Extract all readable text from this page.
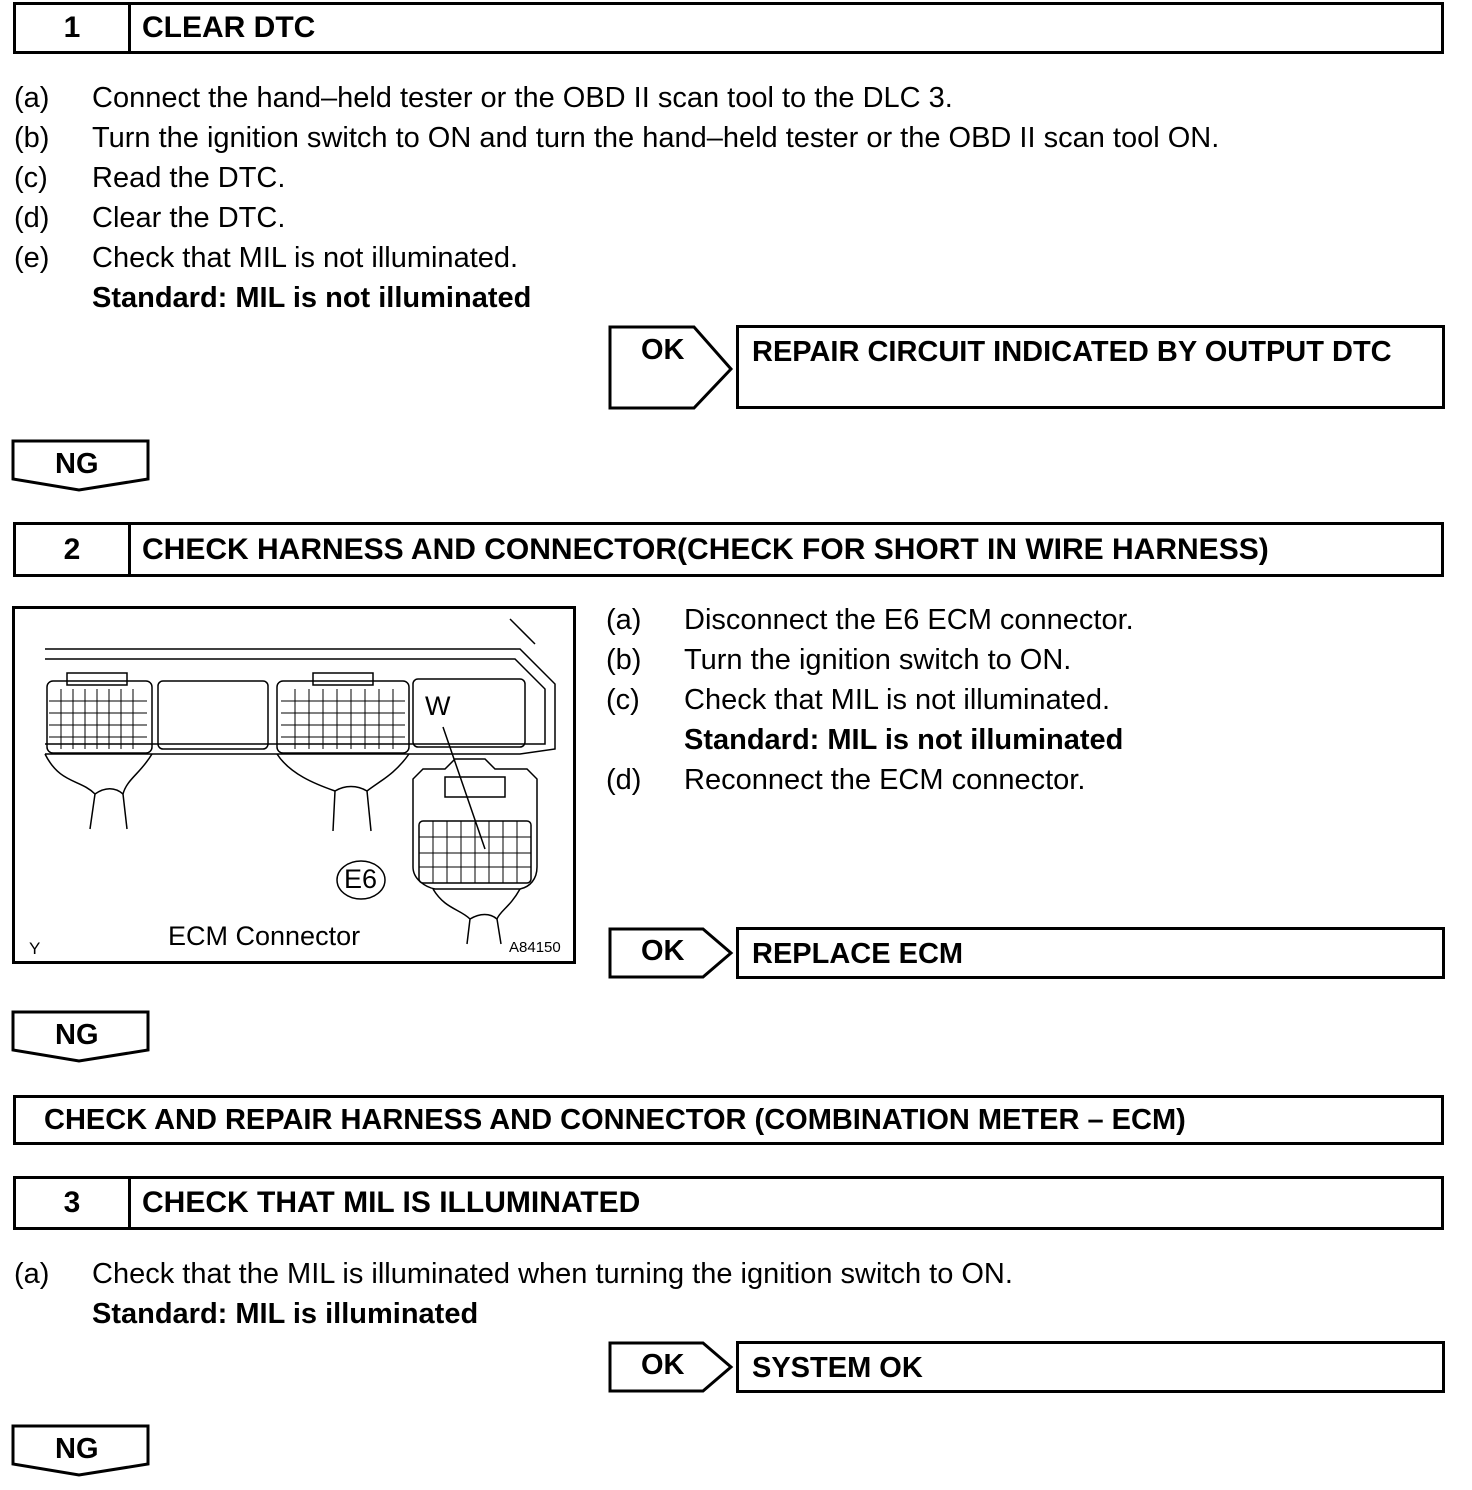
1	CLEAR DTC
(a) Connect the hand–held tester or the OBD II scan tool to the DLC 3.
(b) Turn the ignition switch to ON and turn the hand–held tester or the OBD II scan tool ON.
(c) Read the DTC.
(d) Clear the DTC.
(e) Check that MIL is not illuminated.
Standard: MIL is not illuminated
OK	REPAIR CIRCUIT INDICATED BY OUTPUT DTC
NG
2	CHECK HARNESS AND CONNECTOR(CHECK FOR SHORT IN WIRE HARNESS)
W
E6
ECM Connector
Y	A84150
(a) Disconnect the E6 ECM connector.
(b) Turn the ignition switch to ON.
(c) Check that MIL is not illuminated.
Standard: MIL is not illuminated
(d) Reconnect the ECM connector.
OK	REPLACE ECM
NG
CHECK AND REPAIR HARNESS AND CONNECTOR (COMBINATION METER – ECM)
3	CHECK THAT MIL IS ILLUMINATED
(a) Check that the MIL is illuminated when turning the ignition switch to ON.
Standard: MIL is illuminated
OK	SYSTEM OK
NG
